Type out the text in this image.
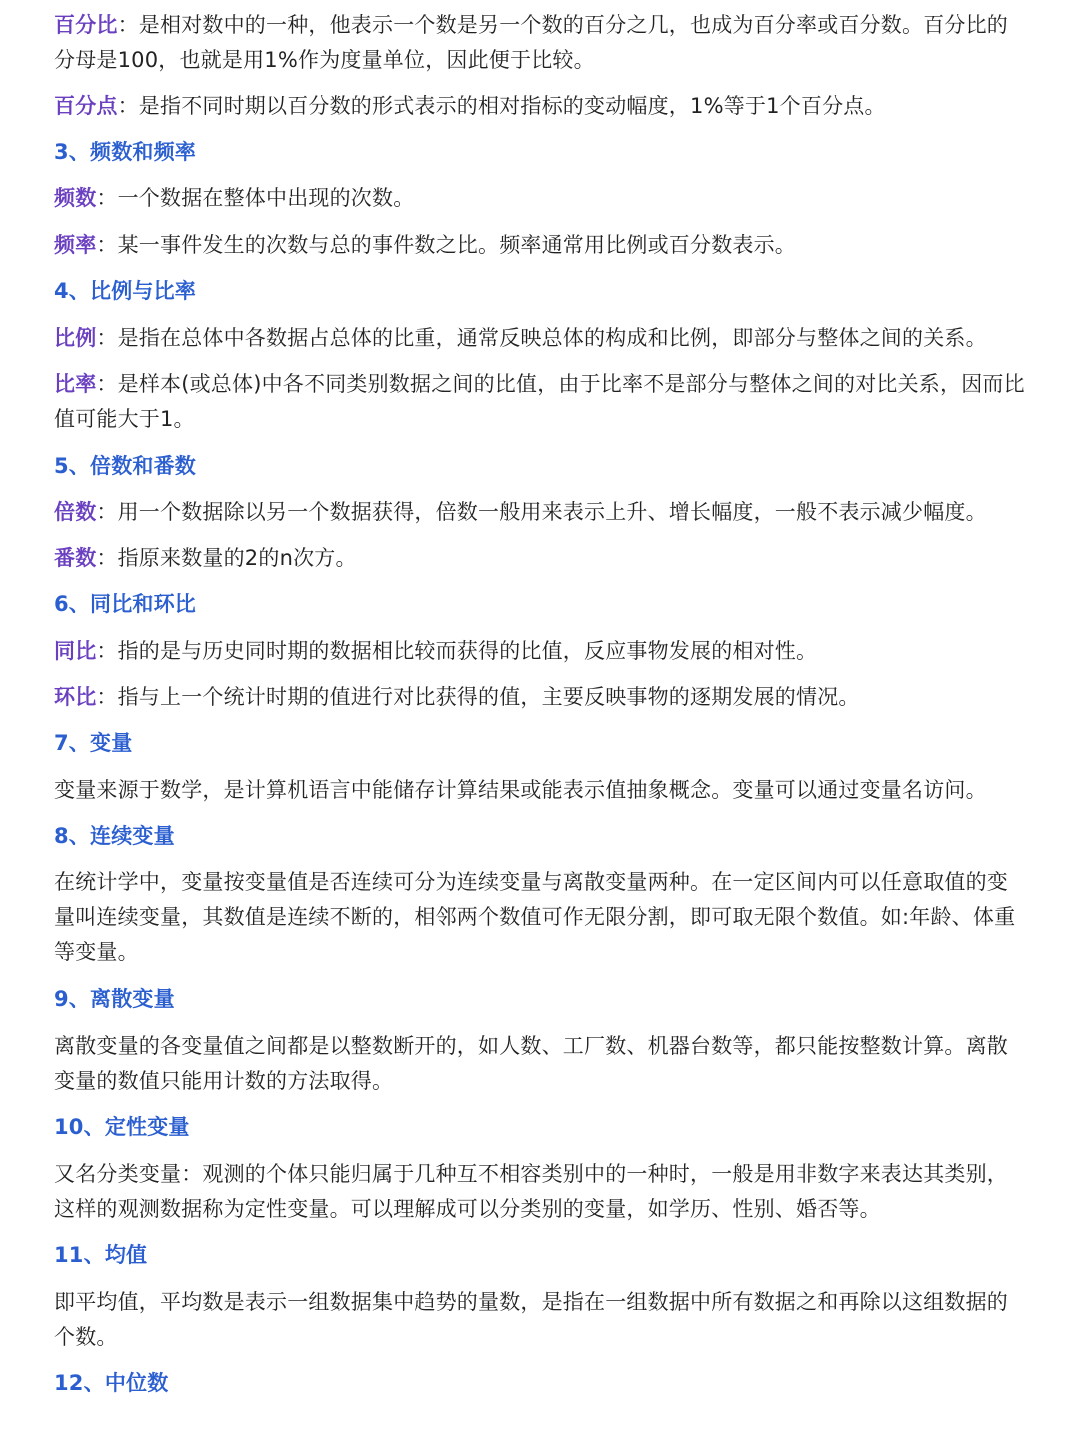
百分比：是相对数中的一种，他表示一个数是另一个数的百分之几，也成为百分率或百分数。百分比的分母是100，也就是用1%作为度量单位，因此便于比较。

百分点：是指不同时期以百分数的形式表示的相对指标的变动幅度，1%等于1个百分点。

3、频数和频率

频数：一个数据在整体中出现的次数。

频率：某一事件发生的次数与总的事件数之比。频率通常用比例或百分数表示。

4、比例与比率

比例：是指在总体中各数据占总体的比重，通常反映总体的构成和比例，即部分与整体之间的关系。

比率：是样本(或总体)中各不同类别数据之间的比值，由于比率不是部分与整体之间的对比关系，因而比值可能大于1。

5、倍数和番数

倍数：用一个数据除以另一个数据获得，倍数一般用来表示上升、增长幅度，一般不表示减少幅度。

番数：指原来数量的2的n次方。

6、同比和环比

同比：指的是与历史同时期的数据相比较而获得的比值，反应事物发展的相对性。

环比：指与上一个统计时期的值进行对比获得的值，主要反映事物的逐期发展的情况。

7、变量

变量来源于数学，是计算机语言中能储存计算结果或能表示值抽象概念。变量可以通过变量名访问。

8、连续变量

在统计学中，变量按变量值是否连续可分为连续变量与离散变量两种。在一定区间内可以任意取值的变量叫连续变量，其数值是连续不断的，相邻两个数值可作无限分割，即可取无限个数值。如:年龄、体重等变量。

9、离散变量

离散变量的各变量值之间都是以整数断开的，如人数、工厂数、机器台数等，都只能按整数计算。离散变量的数值只能用计数的方法取得。

10、定性变量

又名分类变量：观测的个体只能归属于几种互不相容类别中的一种时，一般是用非数字来表达其类别，这样的观测数据称为定性变量。可以理解成可以分类别的变量，如学历、性别、婚否等。

11、均值

即平均值，平均数是表示一组数据集中趋势的量数，是指在一组数据中所有数据之和再除以这组数据的个数。

12、中位数
